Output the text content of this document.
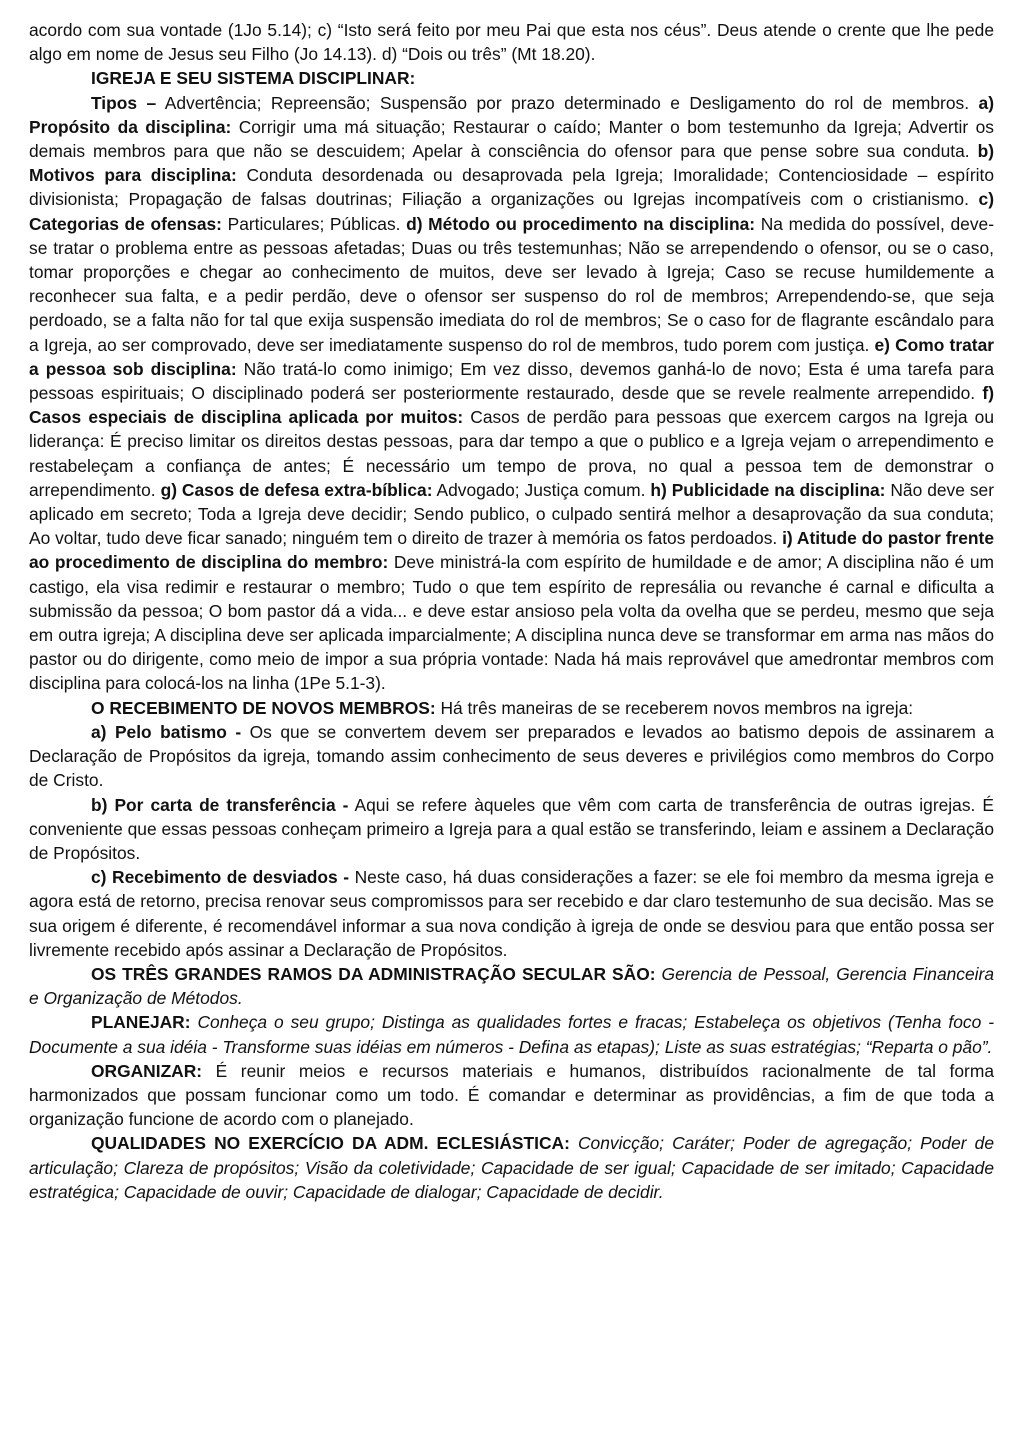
acordo com sua vontade (1Jo 5.14); c) “Isto será feito por meu Pai que esta nos céus”. Deus atende o crente que lhe pede algo em nome de Jesus seu Filho (Jo 14.13). d) “Dois ou três” (Mt 18.20).

IGREJA E SEU SISTEMA DISCIPLINAR:

Tipos – Advertência; Repreensão; Suspensão por prazo determinado e Desligamento do rol de membros. a) Propósito da disciplina: Corrigir uma má situação; Restaurar o caído; Manter o bom testemunho da Igreja; Advertir os demais membros para que não se descuidem; Apelar à consciência do ofensor para que pense sobre sua conduta. b) Motivos para disciplina: Conduta desordenada ou desaprovada pela Igreja; Imoralidade; Contenciosidade – espírito divisionista; Propagação de falsas doutrinas; Filiação a organizações ou Igrejas incompatíveis com o cristianismo. c) Categorias de ofensas: Particulares; Públicas. d) Método ou procedimento na disciplina: Na medida do possível, deve-se tratar o problema entre as pessoas afetadas; Duas ou três testemunhas; Não se arrependendo o ofensor, ou se o caso, tomar proporções e chegar ao conhecimento de muitos, deve ser levado à Igreja; Caso se recuse humildemente a reconhecer sua falta, e a pedir perdão, deve o ofensor ser suspenso do rol de membros; Arrependendo-se, que seja perdoado, se a falta não for tal que exija suspensão imediata do rol de membros; Se o caso for de flagrante escândalo para a Igreja, ao ser comprovado, deve ser imediatamente suspenso do rol de membros, tudo porem com justiça. e) Como tratar a pessoa sob disciplina: Não tratá-lo como inimigo; Em vez disso, devemos ganhá-lo de novo; Esta é uma tarefa para pessoas espirituais; O disciplinado poderá ser posteriormente restaurado, desde que se revele realmente arrependido. f) Casos especiais de disciplina aplicada por muitos: Casos de perdão para pessoas que exercem cargos na Igreja ou liderança: É preciso limitar os direitos destas pessoas, para dar tempo a que o publico e a Igreja vejam o arrependimento e restabeleçam a confiança de antes; É necessário um tempo de prova, no qual a pessoa tem de demonstrar o arrependimento. g) Casos de defesa extra-bíblica: Advogado; Justiça comum. h) Publicidade na disciplina: Não deve ser aplicado em secreto; Toda a Igreja deve decidir; Sendo publico, o culpado sentirá melhor a desaprovação da sua conduta; Ao voltar, tudo deve ficar sanado; ninguém tem o direito de trazer à memória os fatos perdoados. i) Atitude do pastor frente ao procedimento de disciplina do membro: Deve ministrá-la com espírito de humildade e de amor; A disciplina não é um castigo, ela visa redimir e restaurar o membro; Tudo o que tem espírito de represália ou revanche é carnal e dificulta a submissão da pessoa; O bom pastor dá a vida... e deve estar ansioso pela volta da ovelha que se perdeu, mesmo que seja em outra igreja; A disciplina deve ser aplicada imparcialmente; A disciplina nunca deve se transformar em arma nas mãos do pastor ou do dirigente, como meio de impor a sua própria vontade: Nada há mais reprovável que amedrontar membros com disciplina para colocá-los na linha (1Pe 5.1-3).

O RECEBIMENTO DE NOVOS MEMBROS: Há três maneiras de se receberem novos membros na igreja:

a) Pelo batismo - Os que se convertem devem ser preparados e levados ao batismo depois de assinarem a Declaração de Propósitos da igreja, tomando assim conhecimento de seus deveres e privilégios como membros do Corpo de Cristo.

b) Por carta de transferência - Aqui se refere àqueles que vêm com carta de transferência de outras igrejas. É conveniente que essas pessoas conheçam primeiro a Igreja para a qual estão se transferindo, leiam e assinem a Declaração de Propósitos.

c) Recebimento de desviados - Neste caso, há duas considerações a fazer: se ele foi membro da mesma igreja e agora está de retorno, precisa renovar seus compromissos para ser recebido e dar claro testemunho de sua decisão. Mas se sua origem é diferente, é recomendável informar a sua nova condição à igreja de onde se desviou para que então possa ser livremente recebido após assinar a Declaração de Propósitos.

OS TRÊS GRANDES RAMOS DA ADMINISTRAÇÃO SECULAR SÃO: Gerencia de Pessoal, Gerencia Financeira e Organização de Métodos.

PLANEJAR: Conheça o seu grupo; Distinga as qualidades fortes e fracas; Estabeleça os objetivos (Tenha foco - Documente a sua idéia - Transforme suas idéias em números - Defina as etapas); Liste as suas estratégias; “Reparta o pão”.

ORGANIZAR: É reunir meios e recursos materiais e humanos, distribuídos racionalmente de tal forma harmonizados que possam funcionar como um todo. É comandar e determinar as providências, a fim de que toda a organização funcione de acordo com o planejado.

QUALIDADES NO EXERCÍCIO DA ADM. ECLESIÁSTICA: Convicção; Caráter; Poder de agregação; Poder de articulação; Clareza de propósitos; Visão da coletividade; Capacidade de ser igual; Capacidade de ser imitado; Capacidade estratégica; Capacidade de ouvir; Capacidade de dialogar; Capacidade de decidir.
